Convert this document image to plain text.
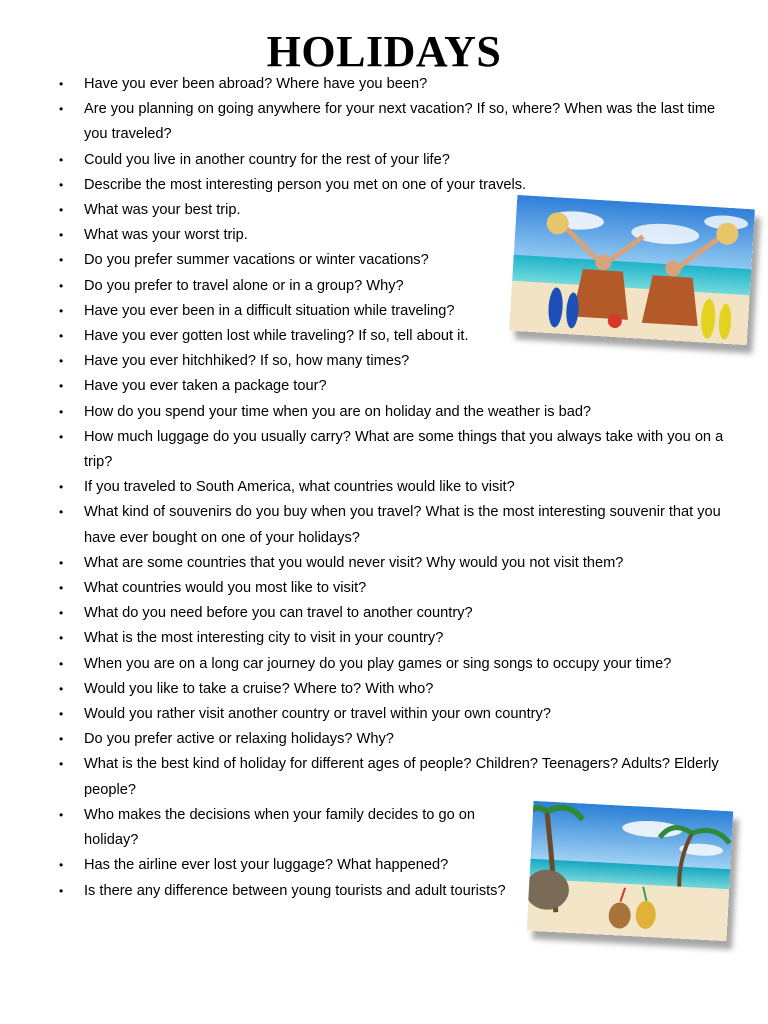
HOLIDAYS
• Have you ever been abroad? Where have you been?
• Are you planning on going anywhere for your next vacation? If so, where? When was the last time you traveled?
• Could you live in another country for the rest of your life?
• Describe the most interesting person you met on one of your travels.
• What was your best trip.
• What was your worst trip.
• Do you prefer summer vacations or winter vacations?
• Do you prefer to travel alone or in a group? Why?
• Have you ever been in a difficult situation while traveling?
• Have you ever gotten lost while traveling? If so, tell about it.
• Have you ever hitchhiked? If so, how many times?
• Have you ever taken a package tour?
• How do you spend your time when you are on holiday and the weather is bad?
• How much luggage do you usually carry? What are some things that you always take with you on a trip?
• If you traveled to South America, what countries would like to visit?
• What kind of souvenirs do you buy when you travel? What is the most interesting souvenir that you have ever bought on one of your holidays?
• What are some countries that you would never visit? Why would you not visit them?
• What countries would you most like to visit?
• What do you need before you can travel to another country?
• What is the most interesting city to visit in your country?
• When you are on a long car journey do you play games or sing songs to occupy your time?
• Would you like to take a cruise? Where to? With who?
• Would you rather visit another country or travel within your own country?
• Do you prefer active or relaxing holidays? Why?
• What is the best kind of holiday for different ages of people? Children? Teenagers? Adults? Elderly people?
• Who makes the decisions when your family decides to go on holiday?
• Has the airline ever lost your luggage? What happened?
• Is there any difference between young tourists and adult tourists?
